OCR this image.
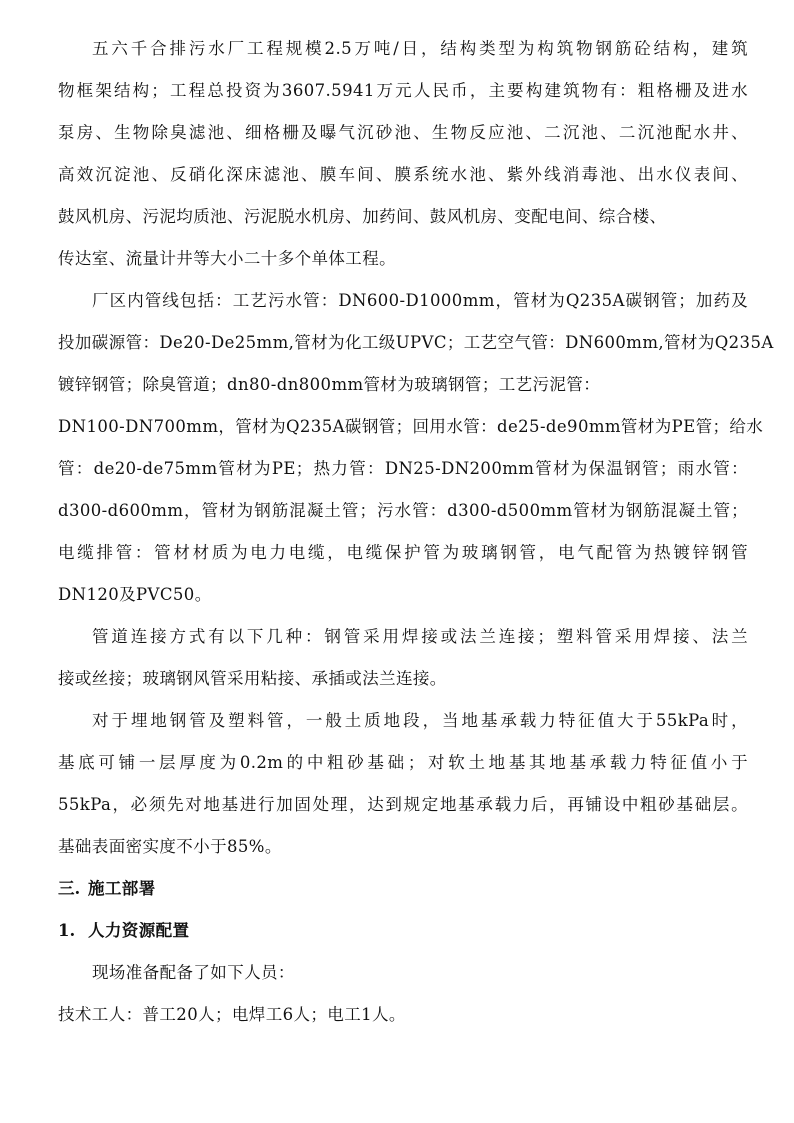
五六千合排污水厂工程规模2.5万吨/日，结构类型为构筑物钢筋砼结构，建筑
物框架结构；工程总投资为3607.5941万元人民币，主要构建筑物有：粗格栅及进水
泵房、生物除臭滤池、细格栅及曝气沉砂池、生物反应池、二沉池、二沉池配水井、
高效沉淀池、反硝化深床滤池、膜车间、膜系统水池、紫外线消毒池、出水仪表间、
鼓风机房、污泥均质池、污泥脱水机房、加药间、鼓风机房、变配电间、综合楼、
传达室、流量计井等大小二十多个单体工程。
厂区内管线包括：工艺污水管：DN600-D1000mm，管材为Q235A碳钢管；加药及
投加碳源管：De20-De25mm,管材为化工级UPVC；工艺空气管：DN600mm,管材为Q235A
镀锌钢管；除臭管道；dn80-dn800mm管材为玻璃钢管；工艺污泥管：
DN100-DN700mm，管材为Q235A碳钢管；回用水管：de25-de90mm管材为PE管；给水
管：de20-de75mm管材为PE；热力管：DN25-DN200mm管材为保温钢管；雨水管：
d300-d600mm，管材为钢筋混凝土管；污水管：d300-d500mm管材为钢筋混凝土管；
电缆排管：管材材质为电力电缆，电缆保护管为玻璃钢管，电气配管为热镀锌钢管
DN120及PVC50。
管道连接方式有以下几种：钢管采用焊接或法兰连接；塑料管采用焊接、法兰
接或丝接；玻璃钢风管采用粘接、承插或法兰连接。
对于埋地钢管及塑料管，一般土质地段，当地基承载力特征值大于55kPa时，
基底可铺一层厚度为0.2m的中粗砂基础；对软土地基其地基承载力特征值小于
55kPa，必须先对地基进行加固处理，达到规定地基承载力后，再铺设中粗砂基础层。
基础表面密实度不小于85%。
三. 施工部署
1. 人力资源配置
现场准备配备了如下人员：
技术工人：普工20人；电焊工6人；电工1人。
